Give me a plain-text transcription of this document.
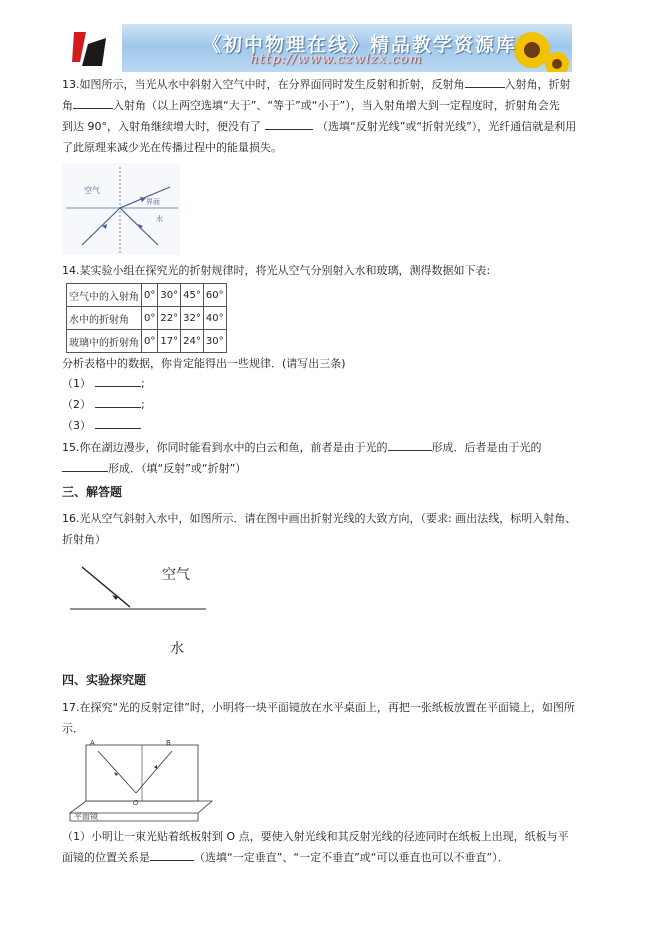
《初中物理在线》精品教学资源库
http://www.czwlzx.com
13.如图所示，当光从水中斜射入空气中时，在分界面同时发生反射和折射，反射角	入射角，折射
角	入射角（以上两空选填“大于”、“等于”或“小于”），当入射角增大到一定程度时，折射角会先
到达 90°，入射角继续增大时，便没有了	（选填“反射光线”或“折射光线”），光纤通信就是利用
了此原理来减少光在传播过程中的能量损失。
空气
界面
水
14.某实验小组在探究光的折射规律时，将光从空气分别射入水和玻璃，测得数据如下表:
空气中的入射角	0°	30°	45°	60°
水中的折射角	0°	22°	32°	40°
玻璃中的折射角	0°	17°	24°	30°
分析表格中的数据，你肯定能得出一些规律．(请写出三条)
（1）	;
（2）	;
（3）
15.你在湖边漫步，你同时能看到水中的白云和鱼，前者是由于光的	形成．后者是由于光的
形成．（填“反射”或“折射”）
三、解答题
16.光从空气斜射入水中，如图所示．请在图中画出折射光线的大致方向，（要求: 画出法线，标明入射角、
折射角）
空气
水
四、实验探究题
17.在探究“光的反射定律”时，小明将一块平面镜放在水平桌面上，再把一张纸板放置在平面镜上，如图所
示．
A	B
O
平面镜
（1）小明让一束光贴着纸板射到 O 点，要使入射光线和其反射光线的径迹同时在纸板上出现，纸板与平
面镜的位置关系是	（选填“一定垂直”、“一定不垂直”或“可以垂直也可以不垂直”）．
